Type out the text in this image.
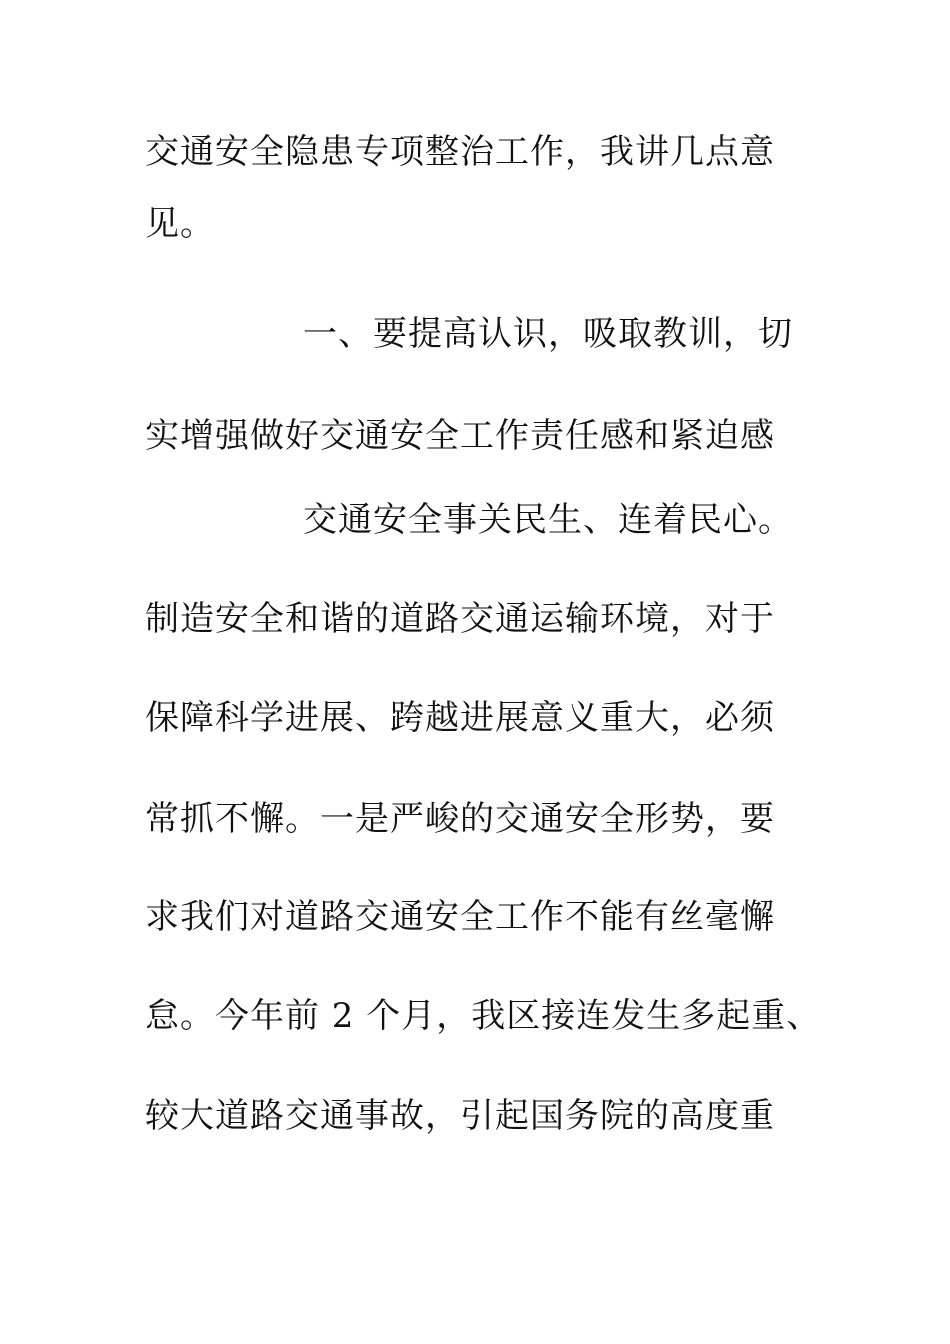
交通安全隐患专项整治工作，我讲几点意
见。
一、要提高认识，吸取教训，切
实增强做好交通安全工作责任感和紧迫感
交通安全事关民生、连着民心。
制造安全和谐的道路交通运输环境，对于
保障科学进展、跨越进展意义重大，必须
常抓不懈。一是严峻的交通安全形势，要
求我们对道路交通安全工作不能有丝毫懈
怠。今年前 2 个月，我区接连发生多起重、
较大道路交通事故，引起国务院的高度重
